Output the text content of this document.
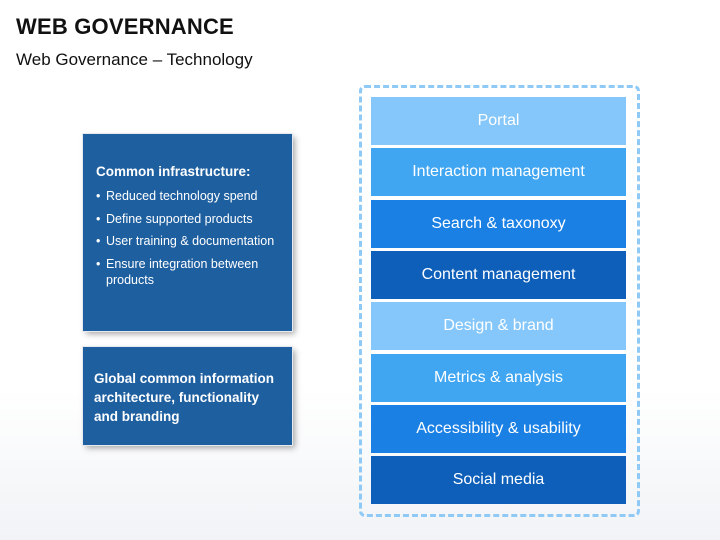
WEB GOVERNANCE

Web Governance – Technology

Common infrastructure:

• Reduced technology spend
• Define supported products
• User training & documentation
• Ensure integration between products

Global common information architecture, functionality and branding

Portal
Interaction management
Search & taxonoxy
Content management
Design & brand
Metrics & analysis
Accessibility & usability
Social media
